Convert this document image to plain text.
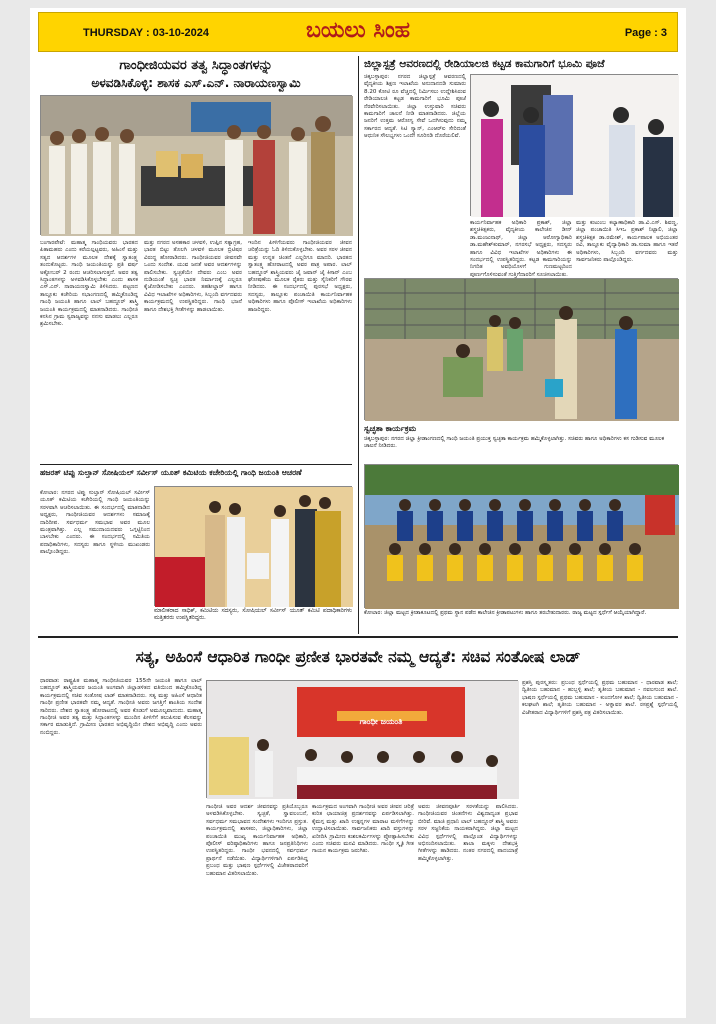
THURSDAY : 03-10-2024	ಬಯಲು ಸಿಂಹ	Page : 3
ಗಾಂಧೀಜಿಯವರ ತತ್ವ ಸಿದ್ಧಾಂತಗಳನ್ನು
ಅಳವಡಿಸಿಕೊಳ್ಳಿ: ಶಾಸಕ ಎಸ್.ಎನ್. ನಾರಾಯಣಸ್ವಾಮಿ
ಬಂಗಾರಪೇಟೆ: ಮಹಾತ್ಮ ಗಾಂಧಿಯವರು ಭಾರತದ ಪಿತಾಮಹರು ಎಂದು ಕರೆಯಲ್ಪಟ್ಟವರು, ಅಹಿಂಸೆ ಮತ್ತು ಸತ್ಯದ ಆದರ್ಶಗಳ ಮೂಲಕ ದೇಶಕ್ಕೆ ಸ್ವಾತಂತ್ರ್ಯ ತಂದುಕೊಟ್ಟರು. ಗಾಂಧಿ ಜಯಂತಿಯನ್ನು ಪ್ರತಿ ವರ್ಷ ಅಕ್ಟೋಬರ್ 2 ರಂದು ಆಚರಿಸಲಾಗುತ್ತದೆ. ಅವರ ತತ್ವ ಸಿದ್ಧಾಂತಗಳನ್ನು ಅಳವಡಿಸಿಕೊಳ್ಳಬೇಕು ಎಂದು ಶಾಸಕ ಎಸ್.ಎನ್. ನಾರಾಯಣಸ್ವಾಮಿ ತಿಳಿಸಿದರು. ಪಟ್ಟಣದ ತಾಲ್ಲೂಕು ಕಚೇರಿಯ ಸಭಾಂಗಣದಲ್ಲಿ ಹಮ್ಮಿಕೊಂಡಿದ್ದ ಗಾಂಧಿ ಜಯಂತಿ ಹಾಗೂ ಲಾಲ್ ಬಹದ್ದೂರ್ ಶಾಸ್ತ್ರಿ ಜಯಂತಿ ಕಾರ್ಯಕ್ರಮದಲ್ಲಿ ಮಾತನಾಡಿದರು. ಗಾಂಧೀಜಿ ಕನಸಿನ ಗ್ರಾಮ ಸ್ವರಾಜ್ಯವನ್ನು ನನಸು ಮಾಡಲು ಎಲ್ಲರೂ ಶ್ರಮಿಸಬೇಕು.
ಮತ್ತು ನಗರದ ಅಸಹಕಾರ ಚಳವಳಿ, ಉಪ್ಪಿನ ಸತ್ಯಾಗ್ರಹ, ಭಾರತ ಬಿಟ್ಟು ತೊಲಗಿ ಚಳವಳಿ ಮೂಲಕ ಬ್ರಿಟಿಷರ ವಿರುದ್ಧ ಹೋರಾಡಿದರು. ಗಾಂಧೀಜಿಯವರ ಜೀವನವೇ ಒಂದು ಸಂದೇಶ. ಯುವ ಜನತೆ ಅವರ ಆದರ್ಶಗಳನ್ನು ಪಾಲಿಸಬೇಕು. ಸ್ವಚ್ಛತೆಯೇ ದೇವರು ಎಂಬ ಅವರ ನುಡಿಯಂತೆ ಸ್ವಚ್ಛ ಭಾರತ ನಿರ್ಮಾಣಕ್ಕೆ ಎಲ್ಲರೂ ಕೈಜೋಡಿಸಬೇಕು ಎಂದರು. ತಹಶೀಲ್ದಾರ್ ಹಾಗೂ ವಿವಿಧ ಇಲಾಖೆಗಳ ಅಧಿಕಾರಿಗಳು, ಸಿಬ್ಬಂದಿ ವರ್ಗದವರು ಕಾರ್ಯಕ್ರಮದಲ್ಲಿ ಉಪಸ್ಥಿತರಿದ್ದರು. ಗಾಂಧಿ ಭಜನೆ ಹಾಗೂ ದೇಶಭಕ್ತಿ ಗೀತೆಗಳನ್ನು ಹಾಡಲಾಯಿತು.
ಇಂದಿನ ಪೀಳಿಗೆಯವರು ಗಾಂಧೀಜಿಯವರ ಜೀವನ ಚರಿತ್ರೆಯನ್ನು ಓದಿ ತಿಳಿದುಕೊಳ್ಳಬೇಕು. ಅವರ ಸರಳ ಜೀವನ ಮತ್ತು ಉನ್ನತ ಚಿಂತನೆ ಎಲ್ಲರಿಗೂ ಮಾದರಿ. ಭಾರತದ ಸ್ವಾತಂತ್ರ್ಯ ಹೋರಾಟದಲ್ಲಿ ಅವರ ಪಾತ್ರ ಅಪಾರ. ಲಾಲ್ ಬಹದ್ದೂರ್ ಶಾಸ್ತ್ರಿಯವರು ಜೈ ಜವಾನ್ ಜೈ ಕಿಸಾನ್ ಎಂಬ ಘೋಷಣೆಯ ಮೂಲಕ ರೈತರು ಮತ್ತು ಸೈನಿಕರಿಗೆ ಗೌರವ ನೀಡಿದರು. ಈ ಸಂದರ್ಭದಲ್ಲಿ ಪುರಸಭೆ ಅಧ್ಯಕ್ಷರು, ಸದಸ್ಯರು, ತಾಲ್ಲೂಕು ಪಂಚಾಯಿತಿ ಕಾರ್ಯನಿರ್ವಾಹಕ ಅಧಿಕಾರಿಗಳು ಹಾಗೂ ಪೊಲೀಸ್ ಇಲಾಖೆಯ ಅಧಿಕಾರಿಗಳು ಹಾಜರಿದ್ದರು.
ಹಜರತ್ ಟಿಪ್ಪು ಸುಲ್ತಾನ್ ಸೋಷಿಯಲ್ ಸರ್ವೀಸ್ ಯೂತ್ ಕಮಿಟಿಯ ಕಚೇರಿಯಲ್ಲಿ ಗಾಂಧಿ ಜಯಂತಿ ಆಚರಣೆ
ಕೋಲಾರ: ನಗರದ ಟಿಪ್ಪು ಸುಲ್ತಾನ್ ಸೋಷಿಯಲ್ ಸರ್ವೀಸ್ ಯೂತ್ ಕಮಿಟಿಯ ಕಚೇರಿಯಲ್ಲಿ ಗಾಂಧಿ ಜಯಂತಿಯನ್ನು ಸರಳವಾಗಿ ಆಚರಿಸಲಾಯಿತು. ಈ ಸಂದರ್ಭದಲ್ಲಿ ಮಾತನಾಡಿದ ಅಧ್ಯಕ್ಷರು, ಗಾಂಧೀಜಿಯವರ ಆದರ್ಶಗಳು ಸಮಾಜಕ್ಕೆ ದಾರಿದೀಪ. ಸರ್ವಧರ್ಮ ಸಮಭಾವ ಅವರ ಮೂಲ ಮಂತ್ರವಾಗಿತ್ತು. ಎಲ್ಲ ಸಮುದಾಯದವರು ಒಗ್ಗಟ್ಟಿನಿಂದ ಬಾಳಬೇಕು ಎಂದರು. ಈ ಸಂದರ್ಭದಲ್ಲಿ ಸಮಿತಿಯ ಪದಾಧಿಕಾರಿಗಳು, ಸದಸ್ಯರು ಹಾಗೂ ಸ್ಥಳೀಯ ಮುಖಂಡರು ಪಾಲ್ಗೊಂಡಿದ್ದರು.
ಮಾಲೀಕರಾದ ಸಾಧಿಕ್, ಕಮಿಟಿಯ ಸದಸ್ಯರು, ಸೋಷಿಯಲ್ ಸರ್ವೀಸ್ ಯೂತ್ ಕಮಿಟಿ ಪದಾಧಿಕಾರಿಗಳು ಮತ್ತಿತರರು ಉಪಸ್ಥಿತರಿದ್ದರು.
ಜಿಲ್ಲಾಸ್ಪತ್ರೆ ಆವರಣದಲ್ಲಿ ರೇಡಿಯಾಲಜಿ ಕಟ್ಟಡ ಕಾಮಗಾರಿಗೆ ಭೂಮಿ ಪೂಜೆ
ಚಿಕ್ಕಬಳ್ಳಾಪುರ: ನಗರದ ಜಿಲ್ಲಾಸ್ಪತ್ರೆ ಆವರಣದಲ್ಲಿ ವೈದ್ಯಕೀಯ ಶಿಕ್ಷಣ ಇಲಾಖೆಯ ಅನುದಾನದಡಿ ಸುಮಾರು 8.20 ಕೋಟಿ ರೂ ವೆಚ್ಚದಲ್ಲಿ ನಿರ್ಮಿಸಲು ಉದ್ದೇಶಿಸಿರುವ ರೇಡಿಯಾಲಜಿ ಕಟ್ಟಡ ಕಾಮಗಾರಿಗೆ ಭೂಮಿ ಪೂಜೆ ನೆರವೇರಿಸಲಾಯಿತು. ಜಿಲ್ಲಾ ಉಸ್ತುವಾರಿ ಸಚಿವರು ಕಾಮಗಾರಿಗೆ ಚಾಲನೆ ನೀಡಿ ಮಾತನಾಡಿದರು. ಜಿಲ್ಲೆಯ ಜನರಿಗೆ ಉತ್ತಮ ಆರೋಗ್ಯ ಸೇವೆ ಒದಗಿಸುವುದು ನಮ್ಮ ಸರ್ಕಾರದ ಆದ್ಯತೆ. ಸಿಟಿ ಸ್ಕ್ಯಾನ್, ಎಂಆರ್‌ಐ ಸೇರಿದಂತೆ ಆಧುನಿಕ ಸೌಲಭ್ಯಗಳು ಒಂದೇ ಸೂರಿನಡಿ ದೊರೆಯಲಿವೆ.
ಕಾರ್ಯನಿರ್ವಾಹಕ ಅಧಿಕಾರಿ ಪ್ರಕಾಶ್, ಜಿಲ್ಲಾ ಶಸ್ತ್ರಚಿಕಿತ್ಸಕರು, ವೈದ್ಯಕೀಯ ಕಾಲೇಜಿನ ಡೀನ್ ಡಾ.ಮಂಜುನಾಥ್, ಜಿಲ್ಲಾ ಆರೋಗ್ಯಾಧಿಕಾರಿ ಡಾ.ಮಹೇಶ್‌ಕುಮಾರ್, ನಗರಸಭೆ ಅಧ್ಯಕ್ಷರು, ಸದಸ್ಯರು ಹಾಗೂ ವಿವಿಧ ಇಲಾಖೆಗಳ ಅಧಿಕಾರಿಗಳು ಈ ಸಂದರ್ಭದಲ್ಲಿ ಉಪಸ್ಥಿತರಿದ್ದರು. ಕಟ್ಟಡ ಕಾಮಗಾರಿಯನ್ನು ನಿಗದಿತ ಅವಧಿಯೊಳಗೆ ಗುಣಮಟ್ಟದಿಂದ ಪೂರ್ಣಗೊಳಿಸುವಂತೆ ಗುತ್ತಿಗೆದಾರರಿಗೆ ಸೂಚಿಸಲಾಯಿತು.
ಮತ್ತು ಕುಟುಂಬ ಕಲ್ಯಾಣಾಧಿಕಾರಿ ಡಾ.ವಿ.ಎಸ್. ಶಿವಣ್ಣ, ಜಿಲ್ಲಾ ಪಂಚಾಯಿತಿ ಸಿಇಒ ಪ್ರಕಾಶ್ ನಿಟ್ಟಾಲಿ, ಜಿಲ್ಲಾ ಶಸ್ತ್ರಚಿಕಿತ್ಸಕ ಡಾ.ರಮೇಶ್, ಕಾರ್ಯಪಾಲಕ ಅಭಿಯಂತರ ರವಿ, ತಾಲ್ಲೂಕು ವೈದ್ಯಾಧಿಕಾರಿ ಡಾ.ಸುಮಾ ಹಾಗೂ ಇತರೆ ಅಧಿಕಾರಿಗಳು, ಸಿಬ್ಬಂದಿ ವರ್ಗದವರು ಮತ್ತು ಸಾರ್ವಜನಿಕರು ಪಾಲ್ಗೊಂಡಿದ್ದರು.
ಸ್ವಚ್ಛತಾ ಕಾರ್ಯಕ್ರಮ
ಚಿಕ್ಕಬಳ್ಳಾಪುರ: ನಗರದ ಜಿಲ್ಲಾ ಕ್ರೀಡಾಂಗಣದಲ್ಲಿ ಗಾಂಧಿ ಜಯಂತಿ ಪ್ರಯುಕ್ತ ಸ್ವಚ್ಛತಾ ಕಾರ್ಯಕ್ರಮ ಹಮ್ಮಿಕೊಳ್ಳಲಾಗಿತ್ತು. ಸಚಿವರು ಹಾಗೂ ಅಧಿಕಾರಿಗಳು ಕಸ ಗುಡಿಸುವ ಮೂಲಕ ಚಾಲನೆ ನೀಡಿದರು.
ಕೋಲಾರ: ಜಿಲ್ಲಾ ಮಟ್ಟದ ಕ್ರೀಡಾಕೂಟದಲ್ಲಿ ಪ್ರಥಮ ಸ್ಥಾನ ಪಡೆದ ಕಾಲೇಜಿನ ಕ್ರೀಡಾಪಟುಗಳು ಹಾಗೂ ತರಬೇತುದಾರರು. ರಾಜ್ಯ ಮಟ್ಟದ ಸ್ಪರ್ಧೆಗೆ ಆಯ್ಕೆಯಾಗಿದ್ದಾರೆ.
ಸತ್ಯ, ಅಹಿಂಸೆ ಆಧಾರಿತ ಗಾಂಧೀ ಪ್ರಣೀತ ಭಾರತವೇ ನಮ್ಮ ಆದ್ಯತೆ: ಸಚಿವ ಸಂತೋಷ ಲಾಡ್
ಧಾರವಾಡ: ರಾಷ್ಟ್ರಪಿತ ಮಹಾತ್ಮ ಗಾಂಧೀಜಿಯವರ 155ನೇ ಜಯಂತಿ ಹಾಗೂ ಲಾಲ್ ಬಹದ್ದೂರ್ ಶಾಸ್ತ್ರಿಯವರ ಜಯಂತಿ ಅಂಗವಾಗಿ ಜಿಲ್ಲಾಡಳಿತದ ವತಿಯಿಂದ ಹಮ್ಮಿಕೊಂಡಿದ್ದ ಕಾರ್ಯಕ್ರಮದಲ್ಲಿ ಸಚಿವ ಸಂತೋಷ ಲಾಡ್ ಮಾತನಾಡಿದರು. ಸತ್ಯ ಮತ್ತು ಅಹಿಂಸೆ ಆಧಾರಿತ ಗಾಂಧೀ ಪ್ರಣೀತ ಭಾರತವೇ ನಮ್ಮ ಆದ್ಯತೆ. ಗಾಂಧೀಜಿ ಅವರು ಜಗತ್ತಿಗೆ ಶಾಂತಿಯ ಸಂದೇಶ ಸಾರಿದರು. ದೇಶದ ಸ್ವಾತಂತ್ರ್ಯ ಹೋರಾಟದಲ್ಲಿ ಅವರ ಕೊಡುಗೆ ಅಮೂಲ್ಯವಾದುದು. ಮಹಾತ್ಮ ಗಾಂಧೀಜಿ ಅವರ ತತ್ವ ಮತ್ತು ಸಿದ್ಧಾಂತಗಳನ್ನು ಮುಂದಿನ ಪೀಳಿಗೆಗೆ ತಲುಪಿಸುವ ಕೆಲಸವನ್ನು ಸರ್ಕಾರ ಮಾಡುತ್ತಿದೆ. ಗ್ರಾಮೀಣ ಭಾರತದ ಅಭಿವೃದ್ಧಿಯೇ ದೇಶದ ಅಭಿವೃದ್ಧಿ ಎಂದು ಅವರು ನಂಬಿದ್ದರು.
ಗಾಂಧೀ ಜಯಂತಿ
ಗಾಂಧೀಜಿ ಅವರ ಆದರ್ಶ ಜೀವನವನ್ನು ಪ್ರತಿಯೊಬ್ಬರೂ ಅಳವಡಿಸಿಕೊಳ್ಳಬೇಕು. ಸ್ವಚ್ಛತೆ, ಸ್ವಾವಲಂಬನೆ, ಸರ್ವಧರ್ಮ ಸಮಭಾವದ ಸಂದೇಶಗಳು ಇಂದಿಗೂ ಪ್ರಸ್ತುತ. ಕಾರ್ಯಕ್ರಮದಲ್ಲಿ ಶಾಸಕರು, ಜಿಲ್ಲಾಧಿಕಾರಿಗಳು, ಜಿಲ್ಲಾ ಪಂಚಾಯಿತಿ ಮುಖ್ಯ ಕಾರ್ಯನಿರ್ವಾಹಕ ಅಧಿಕಾರಿ, ಪೊಲೀಸ್ ವರಿಷ್ಠಾಧಿಕಾರಿಗಳು ಹಾಗೂ ಜನಪ್ರತಿನಿಧಿಗಳು ಉಪಸ್ಥಿತರಿದ್ದರು. ಗಾಂಧೀ ಭವನದಲ್ಲಿ ಸರ್ವಧರ್ಮ ಪ್ರಾರ್ಥನೆ ನಡೆಯಿತು. ವಿದ್ಯಾರ್ಥಿಗಳಿಗಾಗಿ ಏರ್ಪಡಿಸಿದ್ದ ಪ್ರಬಂಧ ಮತ್ತು ಭಾಷಣ ಸ್ಪರ್ಧೆಗಳಲ್ಲಿ ವಿಜೇತರಾದವರಿಗೆ ಬಹುಮಾನ ವಿತರಿಸಲಾಯಿತು.
ಕಾರ್ಯಕ್ರಮದ ಅಂಗವಾಗಿ ಗಾಂಧೀಜಿ ಅವರ ಜೀವನ ಚರಿತ್ರೆ ಕುರಿತ ಛಾಯಾಚಿತ್ರ ಪ್ರದರ್ಶನವನ್ನು ಏರ್ಪಡಿಸಲಾಗಿತ್ತು. ಕೈಮಗ್ಗ ಮತ್ತು ಖಾದಿ ಉತ್ಪನ್ನಗಳ ಮಾರಾಟ ಮಳಿಗೆಗಳನ್ನು ಉದ್ಘಾಟಿಸಲಾಯಿತು. ಸಾರ್ವಜನಿಕರು ಖಾದಿ ವಸ್ತುಗಳನ್ನು ಖರೀದಿಸಿ ಗ್ರಾಮೀಣ ಕುಶಲಕರ್ಮಿಗಳನ್ನು ಪ್ರೋತ್ಸಾಹಿಸಬೇಕು ಎಂದು ಸಚಿವರು ಮನವಿ ಮಾಡಿದರು. ಗಾಂಧೀ ಸ್ಮೃತಿ ಗೀತ ಗಾಯನ ಕಾರ್ಯಕ್ರಮ ಜರುಗಿತು.
ಅವರು ಜೀವನಪೂರ್ತಿ ಸರಳತೆಯನ್ನು ಪಾಲಿಸಿದರು. ಗಾಂಧೀಜಿಯವರ ಚಿಂತನೆಗಳು ವಿಶ್ವದಾದ್ಯಂತ ಪ್ರಭಾವ ಬೀರಿವೆ. ಮಾಜಿ ಪ್ರಧಾನಿ ಲಾಲ್ ಬಹದ್ದೂರ್ ಶಾಸ್ತ್ರಿ ಅವರು ಸರಳ ಸಜ್ಜನಿಕೆಯ ನಾಯಕರಾಗಿದ್ದರು. ಜಿಲ್ಲಾ ಮಟ್ಟದ ವಿವಿಧ ಸ್ಪರ್ಧೆಗಳಲ್ಲಿ ಪಾಲ್ಗೊಂಡ ವಿದ್ಯಾರ್ಥಿಗಳನ್ನು ಅಭಿನಂದಿಸಲಾಯಿತು. ಶಾಲಾ ಮಕ್ಕಳು ದೇಶಭಕ್ತಿ ಗೀತೆಗಳನ್ನು ಹಾಡಿದರು. ನಂತರ ನಗರದಲ್ಲಿ ಪಾದಯಾತ್ರೆ ಹಮ್ಮಿಕೊಳ್ಳಲಾಗಿತ್ತು.
ಪ್ರಶಸ್ತಿ ಪುರಸ್ಕೃತರು: ಪ್ರಬಂಧ ಸ್ಪರ್ಧೆಯಲ್ಲಿ ಪ್ರಥಮ ಬಹುಮಾನ - ಧಾರವಾಡ ಶಾಲೆ; ದ್ವಿತೀಯ ಬಹುಮಾನ - ಹುಬ್ಬಳ್ಳಿ ಶಾಲೆ; ತೃತೀಯ ಬಹುಮಾನ - ನವಲಗುಂದ ಶಾಲೆ. ಭಾಷಣ ಸ್ಪರ್ಧೆಯಲ್ಲಿ ಪ್ರಥಮ ಬಹುಮಾನ - ಕುಂದಗೋಳ ಶಾಲೆ; ದ್ವಿತೀಯ ಬಹುಮಾನ - ಕಲಘಟಗಿ ಶಾಲೆ; ತೃತೀಯ ಬಹುಮಾನ - ಅಳ್ನಾವರ ಶಾಲೆ. ರಸಪ್ರಶ್ನೆ ಸ್ಪರ್ಧೆಯಲ್ಲಿ ವಿಜೇತರಾದ ವಿದ್ಯಾರ್ಥಿಗಳಿಗೆ ಪ್ರಶಸ್ತಿ ಪತ್ರ ವಿತರಿಸಲಾಯಿತು.
